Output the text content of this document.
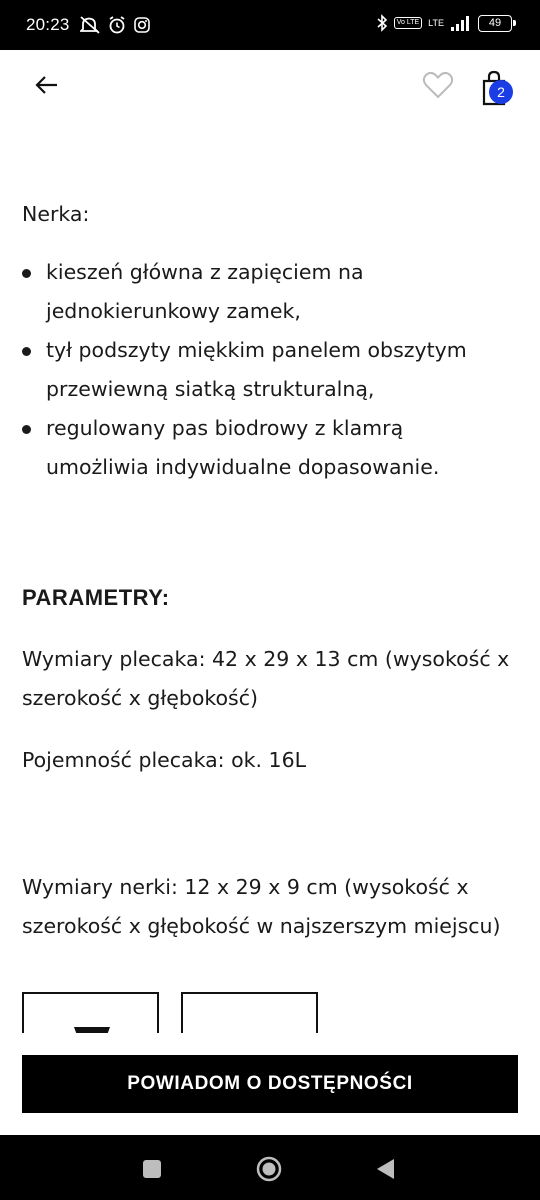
20:23	Vo LTE	LTE	49
2

Nerka:

kieszeń główna z zapięciem na jednokierunkowy zamek,
tył podszyty miękkim panelem obszytym przewiewną siatką strukturalną,
regulowany pas biodrowy z klamrą umożliwia indywidualne dopasowanie.

PARAMETRY:

Wymiary plecaka: 42 x 29 x 13 cm (wysokość x szerokość x głębokość)

Pojemność plecaka: ok. 16L

Wymiary nerki: 12 x 29 x 9 cm (wysokość x szerokość x głębokość w najszerszym miejscu)

POWIADOM O DOSTĘPNOŚCI
